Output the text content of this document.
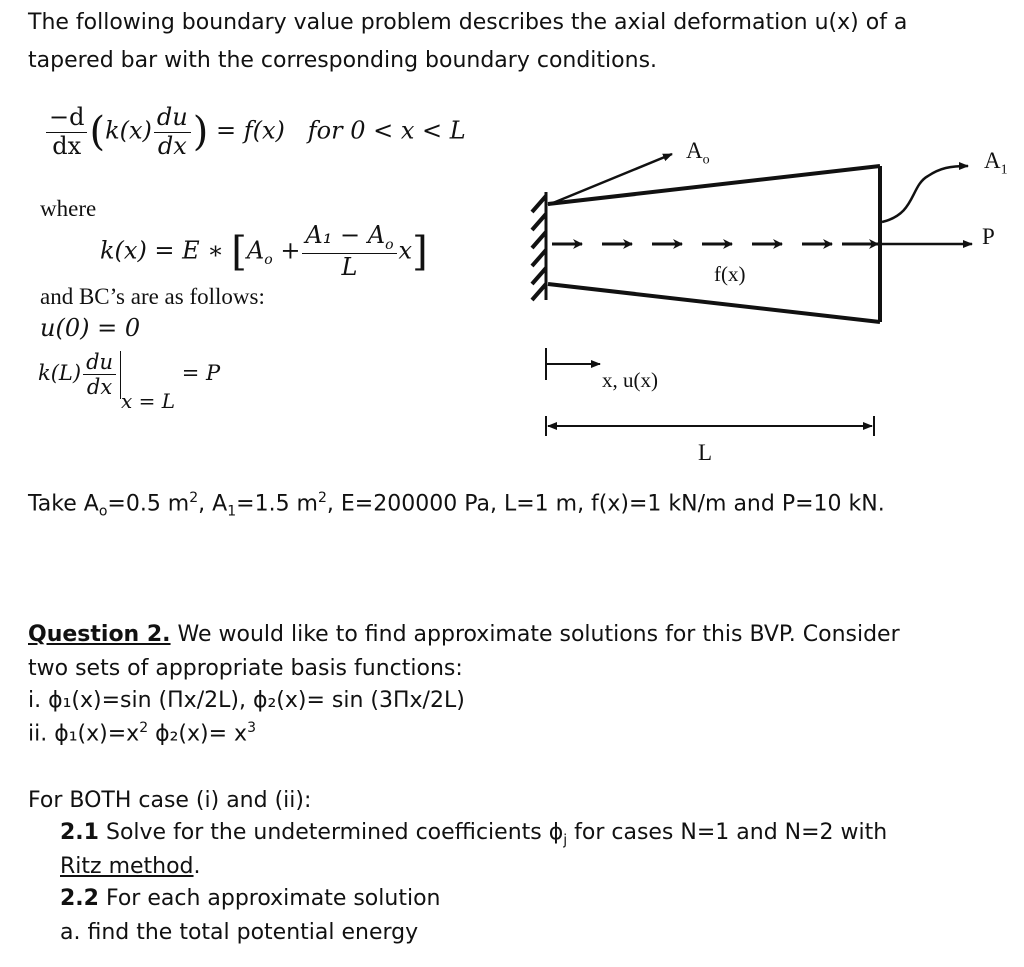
The following boundary value problem describes the axial deformation u(x) of a
tapered bar with the corresponding boundary conditions.
$\frac{-d}{dx} (k(x) \frac{du}{dx}$ ) = f(x) for 0 < x < L
where
k(x) = E ∗ $[A_o + \frac{A_1 - A_o}{L} x]$
and BC’s are as follows:
u(0) = 0
$k(L) \frac{du}{dx}$
x = L = P
$A_o$	$A_1$
P
f(x)
x, u(x)
L
Take $A_o=0.5$ $m^2$, $A_1=1.5$ $m^2$, E=200000 Pa, L=1 m, f(x)=1 kN/m and P=10 kN.
Question 2. We would like to find approximate solutions for this BVP. Consider
two sets of appropriate basis functions:
i. ϕ₁(x)=sin (Πx/2L), ϕ₂(x)= sin (3Πx/2L)
ii. $\phi_1(x)=x^2$ $\phi_2(x)= x^3$
For BOTH case (i) and (ii):
2.1 Solve for the undetermined coefficients $\phi_j$ for cases N=1 and N=2 with
Ritz method.
2.2 For each approximate solution
a. find the total potential energy
